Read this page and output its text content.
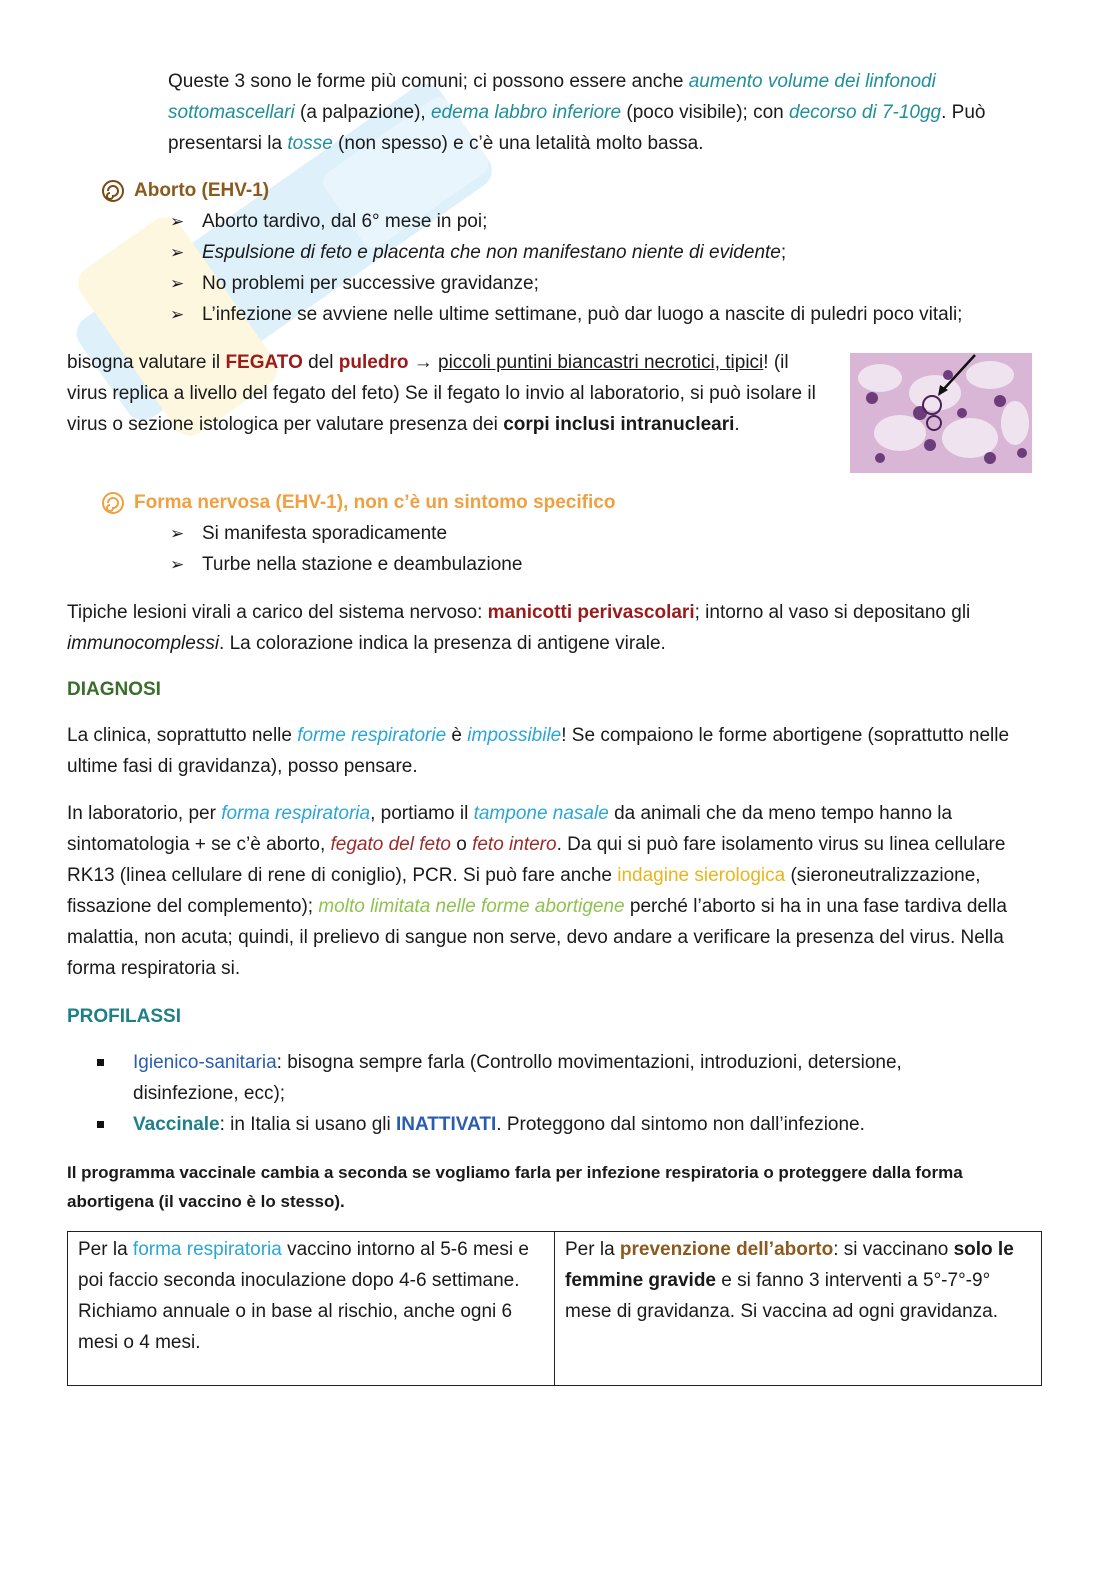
Queste 3 sono le forme più comuni; ci possono essere anche aumento volume dei linfonodi sottomascellari (a palpazione), edema labbro inferiore (poco visibile); con decorso di 7-10gg. Può presentarsi la tosse (non spesso) e c’è una letalità molto bassa.

Aborto (EHV-1)
➢ Aborto tardivo, dal 6° mese in poi;
➢ Espulsione di feto e placenta che non manifestano niente di evidente;
➢ No problemi per successive gravidanze;
➢ L’infezione se avviene nelle ultime settimane, può dar luogo a nascite di puledri poco vitali;

bisogna valutare il FEGATO del puledro → piccoli puntini biancastri necrotici, tipici! (il virus replica a livello del fegato del feto) Se il fegato lo invio al laboratorio, si può isolare il virus o sezione istologica per valutare presenza dei corpi inclusi intranucleari.

Forma nervosa (EHV-1), non c’è un sintomo specifico
➢ Si manifesta sporadicamente
➢ Turbe nella stazione e deambulazione

Tipiche lesioni virali a carico del sistema nervoso: manicotti perivascolari; intorno al vaso si depositano gli immunocomplessi. La colorazione indica la presenza di antigene virale.

DIAGNOSI

La clinica, soprattutto nelle forme respiratorie è impossibile! Se compaiono le forme abortigene (soprattutto nelle ultime fasi di gravidanza), posso pensare.

In laboratorio, per forma respiratoria, portiamo il tampone nasale da animali che da meno tempo hanno la sintomatologia + se c’è aborto, fegato del feto o feto intero. Da qui si può fare isolamento virus su linea cellulare RK13 (linea cellulare di rene di coniglio), PCR. Si può fare anche indagine sierologica (sieroneutralizzazione, fissazione del complemento); molto limitata nelle forme abortigene perché l’aborto si ha in una fase tardiva della malattia, non acuta; quindi, il prelievo di sangue non serve, devo andare a verificare la presenza del virus. Nella forma respiratoria si.

PROFILASSI
Igienico-sanitaria: bisogna sempre farla (Controllo movimentazioni, introduzioni, detersione, disinfezione, ecc);
Vaccinale: in Italia si usano gli INATTIVATI. Proteggono dal sintomo non dall’infezione.

Il programma vaccinale cambia a seconda se vogliamo farla per infezione respiratoria o proteggere dalla forma abortigena (il vaccino è lo stesso).

Per la forma respiratoria vaccino intorno al 5-6 mesi e poi faccio seconda inoculazione dopo 4-6 settimane. Richiamo annuale o in base al rischio, anche ogni 6 mesi o 4 mesi.	Per la prevenzione dell’aborto: si vaccinano solo le femmine gravide e si fanno 3 interventi a 5°-7°-9° mese di gravidanza. Si vaccina ad ogni gravidanza.
